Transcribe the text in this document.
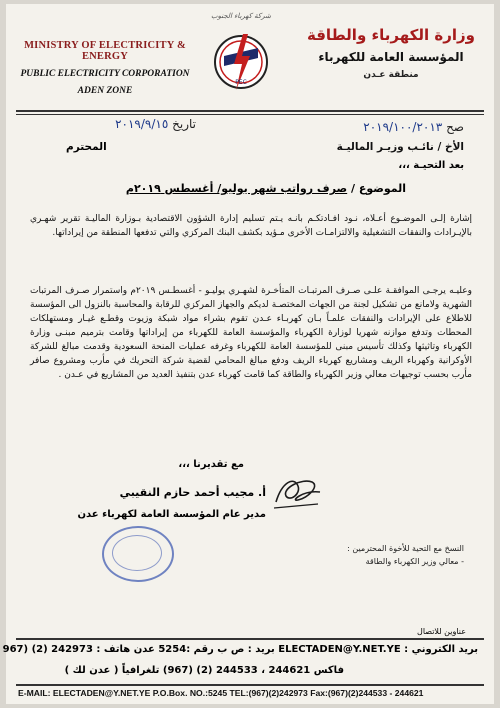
MINISTRY OF ELECTRICITY & ENERGY
PUBLIC ELECTRICITY CORPORATION
ADEN ZONE
شركة كهرباء الجنوب
PEC
وزارة الكهرباء والطاقة
المؤسسة العامة للكهرباء
منطقة عـدن
صح ٢٠١٩/١٠٠/٢٠١٣
تاريخ ٢٠١٩/٩/١٥
الأخ / نائـب وزيـر الماليـة
المحترم
بعد التحيـة ،،،
الموضوع / صرف رواتب شهر يوليو/ أغسطس ٢٠١٩م
إشارة إلـى الموضـوع أعـلاه، نـود افـادتكـم بانـه يـتم تسليم إدارة الشؤون الاقتصادية بـوزارة الماليـة تقرير شهـري بالإيـرادات والنفقات التشغيلية والالتزامـات الأخرى مـؤيد بكشف البنك المركزي والتي تدفعها المنطقة من إيراداتها.
وعليـه يرجـى الموافقـة علـى صـرف المرتبـات المتأخـرة لشهـري يوليـو - أغسطـس ٢٠١٩م واستمرار صـرف المرتبات الشهرية ولامانع من تشكيل لجنة من الجهات المختصـة لديكم والجهاز المركزي للرقابة والمحاسبة بالنزول الى المؤسسة للاطلاع على الإيرادات والنفقات علمـاً بـان كهربـاء عـدن تقوم بشراء مواد شبكة وزيوت وقطـع غيـار ومستهلكات المحطات وتدفع موازنه شهريا لوزارة الكهرباء والمؤسسة العامة للكهرباء من إيراداتها وقامت بترميم مبنـى وزارة الكهرباء وتاثيثها وكذلك تأسيس مبنى للمؤسسة العامة للكهرباء وغرفه عمليات المنحة السعودية وقدمت مبالغ للشركة الأوكرانية وكهرباء الريف ومشاريع كهرباء الريف ودفع مبالغ المحامي لقضية شركة التحريك في مأرب ومشروع صافر مأرب بحسب توجيهات معالي وزير الكهرباء والطاقة كما قامت كهرباء عدن بتنفيذ العديد من المشاريع في عـدن .
مع تقديرنا ،،،
أ. مجيب أحمد حازم النقيبي
مدير عام المؤسسة العامة لكهرباء عدن
النسخ مع التحية للأخوة المحترمين :
- معالي وزير الكهرباء والطاقة
عناوين للاتصال
بريد الكتروني : ELECTADEN@Y.NET.YE بريد : ص ب رقم :5254 عدن هاتف : 242973 (2) (967
فاكس 244621 ، 244533 (2) (967) تلغرافياً ( عدن لك )
E-MAIL: ELECTADEN@Y.NET.YE P.O.Box. NO.:5245 TEL:(967)(2)242973 Fax:(967)(2)244533 - 244621
